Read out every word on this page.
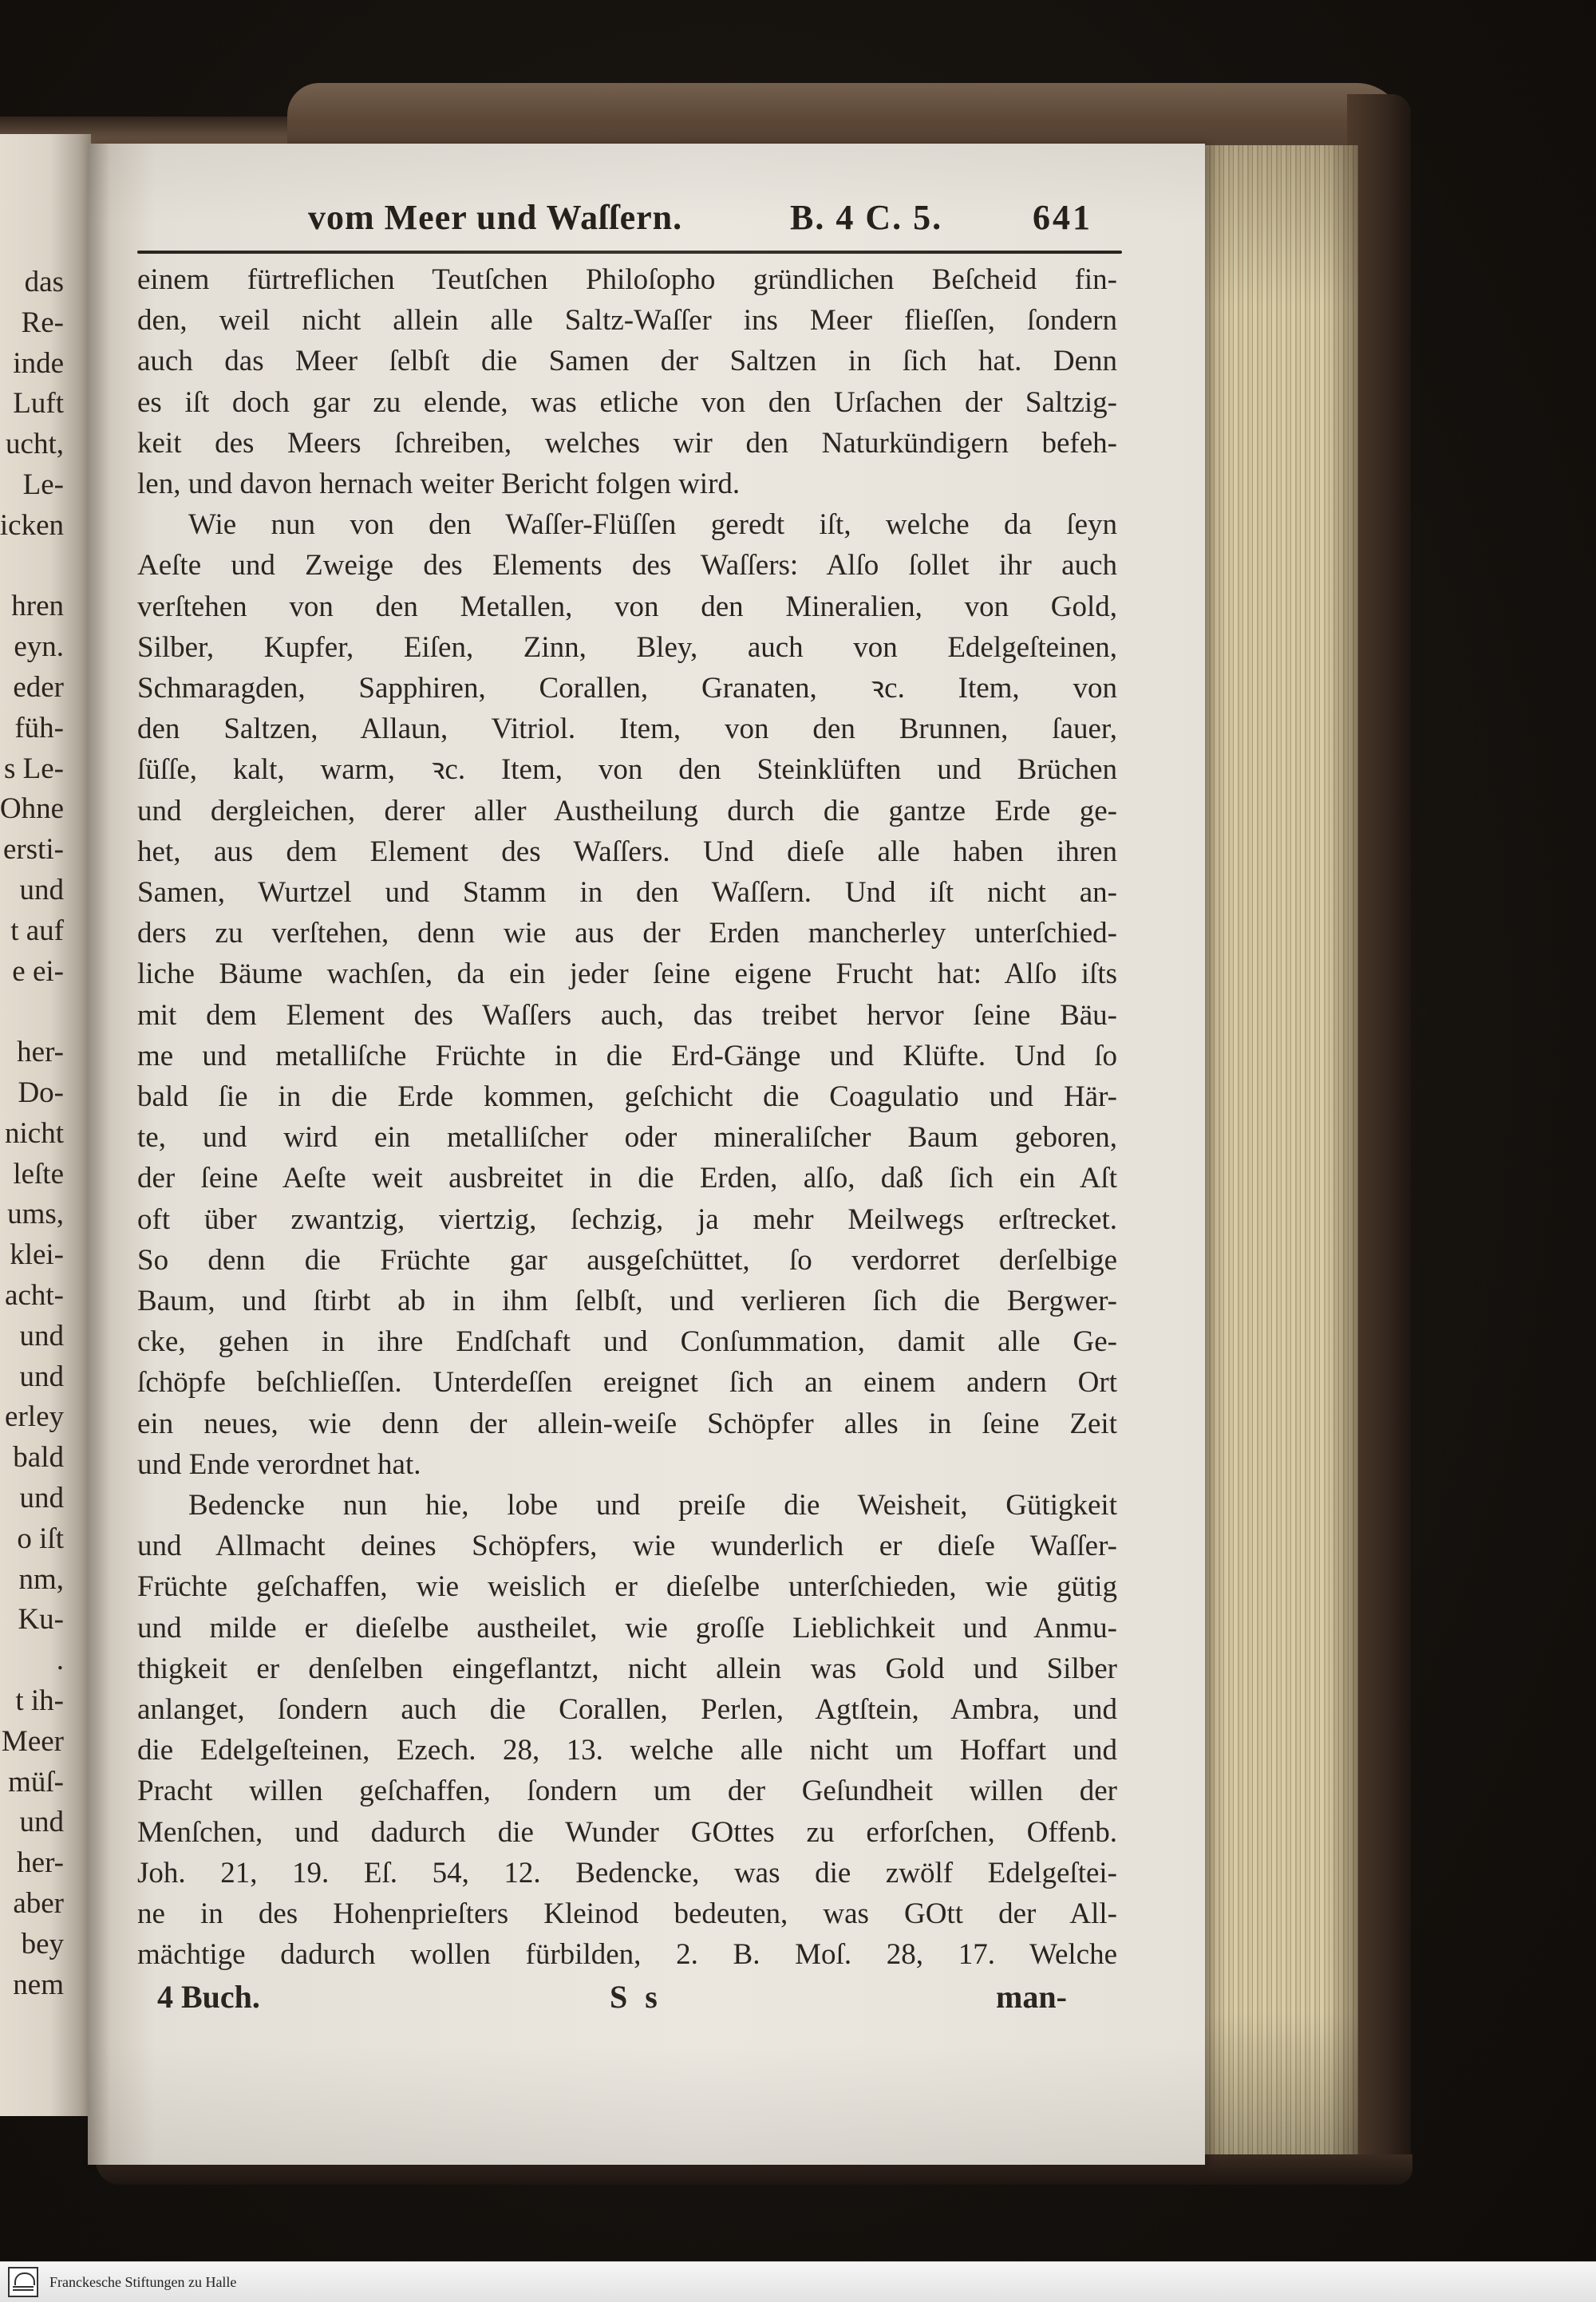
das
Re-
inde
Luft
ucht,
Le-
icken
hren
eyn.
eder
füh-
s Le-
Ohne
ersti-
und
t auf
e ei-
her-
Do-
nicht
leſte
ums,
klei-
acht-
und
und
erley
bald
und
o iſt
nm,
Ku-
.
t ih-
Meer
müſ-
und
her-
aber
bey
nem
vom Meer und Waſſern.	B. 4 C. 5.	641
einem fürtreflichen Teutſchen Philoſopho gründlichen Beſcheid fin-
den, weil nicht allein alle Saltz-Waſſer ins Meer flieſſen, ſondern
auch das Meer ſelbſt die Samen der Saltzen in ſich hat. Denn
es iſt doch gar zu elende, was etliche von den Urſachen der Saltzig-
keit des Meers ſchreiben, welches wir den Naturkündigern befeh-
len, und davon hernach weiter Bericht folgen wird.
Wie nun von den Waſſer-Flüſſen geredt iſt, welche da ſeyn
Aeſte und Zweige des Elements des Waſſers: Alſo ſollet ihr auch
verſtehen von den Metallen, von den Mineralien, von Gold,
Silber, Kupfer, Eiſen, Zinn, Bley, auch von Edelgeſteinen,
Schmaragden, Sapphiren, Corallen, Granaten, ꝛc. Item, von
den Saltzen, Allaun, Vitriol. Item, von den Brunnen, ſauer,
ſüſſe, kalt, warm, ꝛc. Item, von den Steinklüften und Brüchen
und dergleichen, derer aller Austheilung durch die gantze Erde ge-
het, aus dem Element des Waſſers. Und dieſe alle haben ihren
Samen, Wurtzel und Stamm in den Waſſern. Und iſt nicht an-
ders zu verſtehen, denn wie aus der Erden mancherley unterſchied-
liche Bäume wachſen, da ein jeder ſeine eigene Frucht hat: Alſo iſts
mit dem Element des Waſſers auch, das treibet hervor ſeine Bäu-
me und metalliſche Früchte in die Erd-Gänge und Klüfte. Und ſo
bald ſie in die Erde kommen, geſchicht die Coagulatio und Här-
te, und wird ein metalliſcher oder mineraliſcher Baum geboren,
der ſeine Aeſte weit ausbreitet in die Erden, alſo, daß ſich ein Aſt
oft über zwantzig, viertzig, ſechzig, ja mehr Meilwegs erſtrecket.
So denn die Früchte gar ausgeſchüttet, ſo verdorret derſelbige
Baum, und ſtirbt ab in ihm ſelbſt, und verlieren ſich die Bergwer-
cke, gehen in ihre Endſchaft und Conſummation, damit alle Ge-
ſchöpfe beſchlieſſen. Unterdeſſen ereignet ſich an einem andern Ort
ein neues, wie denn der allein-weiſe Schöpfer alles in ſeine Zeit
und Ende verordnet hat.
Bedencke nun hie, lobe und preiſe die Weisheit, Gütigkeit
und Allmacht deines Schöpfers, wie wunderlich er dieſe Waſſer-
Früchte geſchaffen, wie weislich er dieſelbe unterſchieden, wie gütig
und milde er dieſelbe austheilet, wie groſſe Lieblichkeit und Anmu-
thigkeit er denſelben eingeflantzt, nicht allein was Gold und Silber
anlanget, ſondern auch die Corallen, Perlen, Agtſtein, Ambra, und
die Edelgeſteinen, Ezech. 28, 13. welche alle nicht um Hoffart und
Pracht willen geſchaffen, ſondern um der Geſundheit willen der
Menſchen, und dadurch die Wunder GOttes zu erforſchen, Offenb.
Joh. 21, 19. Eſ. 54, 12. Bedencke, was die zwölf Edelgeſtei-
ne in des Hohenprieſters Kleinod bedeuten, was GOtt der All-
mächtige dadurch wollen fürbilden, 2. B. Moſ. 28, 17. Welche
4 Buch.	S s	man-
Franckesche Stiftungen zu Halle
